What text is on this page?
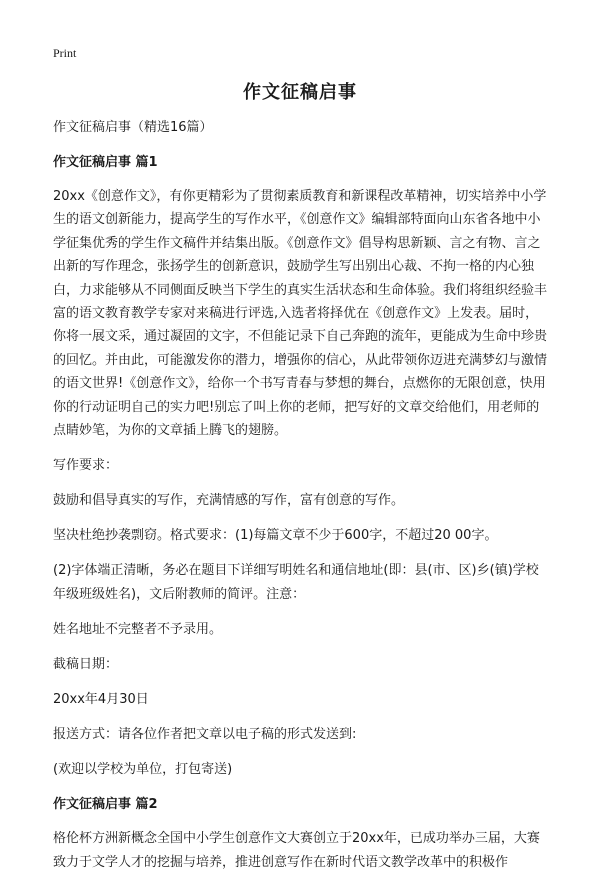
Print
作文征稿启事

作文征稿启事（精选16篇）

作文征稿启事 篇1

20xx《创意作文》，有你更精彩为了贯彻素质教育和新课程改革精神，切实培养中小学生的语文创新能力，提高学生的写作水平，《创意作文》编辑部特面向山东省各地中小学征集优秀的学生作文稿件并结集出版。《创意作文》倡导构思新颖、言之有物、言之出新的写作理念，张扬学生的创新意识，鼓励学生写出别出心裁、不拘一格的内心独白，力求能够从不同侧面反映当下学生的真实生活状态和生命体验。我们将组织经验丰富的语文教育教学专家对来稿进行评选,入选者将择优在《创意作文》上发表。届时，你将一展文采，通过凝固的文字，不但能记录下自己奔跑的流年，更能成为生命中珍贵的回忆。并由此，可能激发你的潜力，增强你的信心，从此带领你迈进充满梦幻与激情的语文世界!《创意作文》，给你一个书写青春与梦想的舞台，点燃你的无限创意，快用你的行动证明自己的实力吧!别忘了叫上你的老师，把写好的文章交给他们，用老师的点睛妙笔，为你的文章插上腾飞的翅膀。

写作要求：

鼓励和倡导真实的写作，充满情感的写作，富有创意的写作。

坚决杜绝抄袭剽窃。格式要求：(1)每篇文章不少于600字，不超过20 00字。

(2)字体端正清晰，务必在题目下详细写明姓名和通信地址(即：县(市、区)乡(镇)学校年级班级姓名)，文后附教师的简评。注意：

姓名地址不完整者不予录用。

截稿日期：

20xx年4月30日

报送方式：请各位作者把文章以电子稿的形式发送到:

(欢迎以学校为单位，打包寄送)

作文征稿启事 篇2

格伦杯方洲新概念全国中小学生创意作文大赛创立于20xx年，已成功举办三届，大赛致力于文学人才的挖掘与培养，推进创意写作在新时代语文教学改革中的积极作
